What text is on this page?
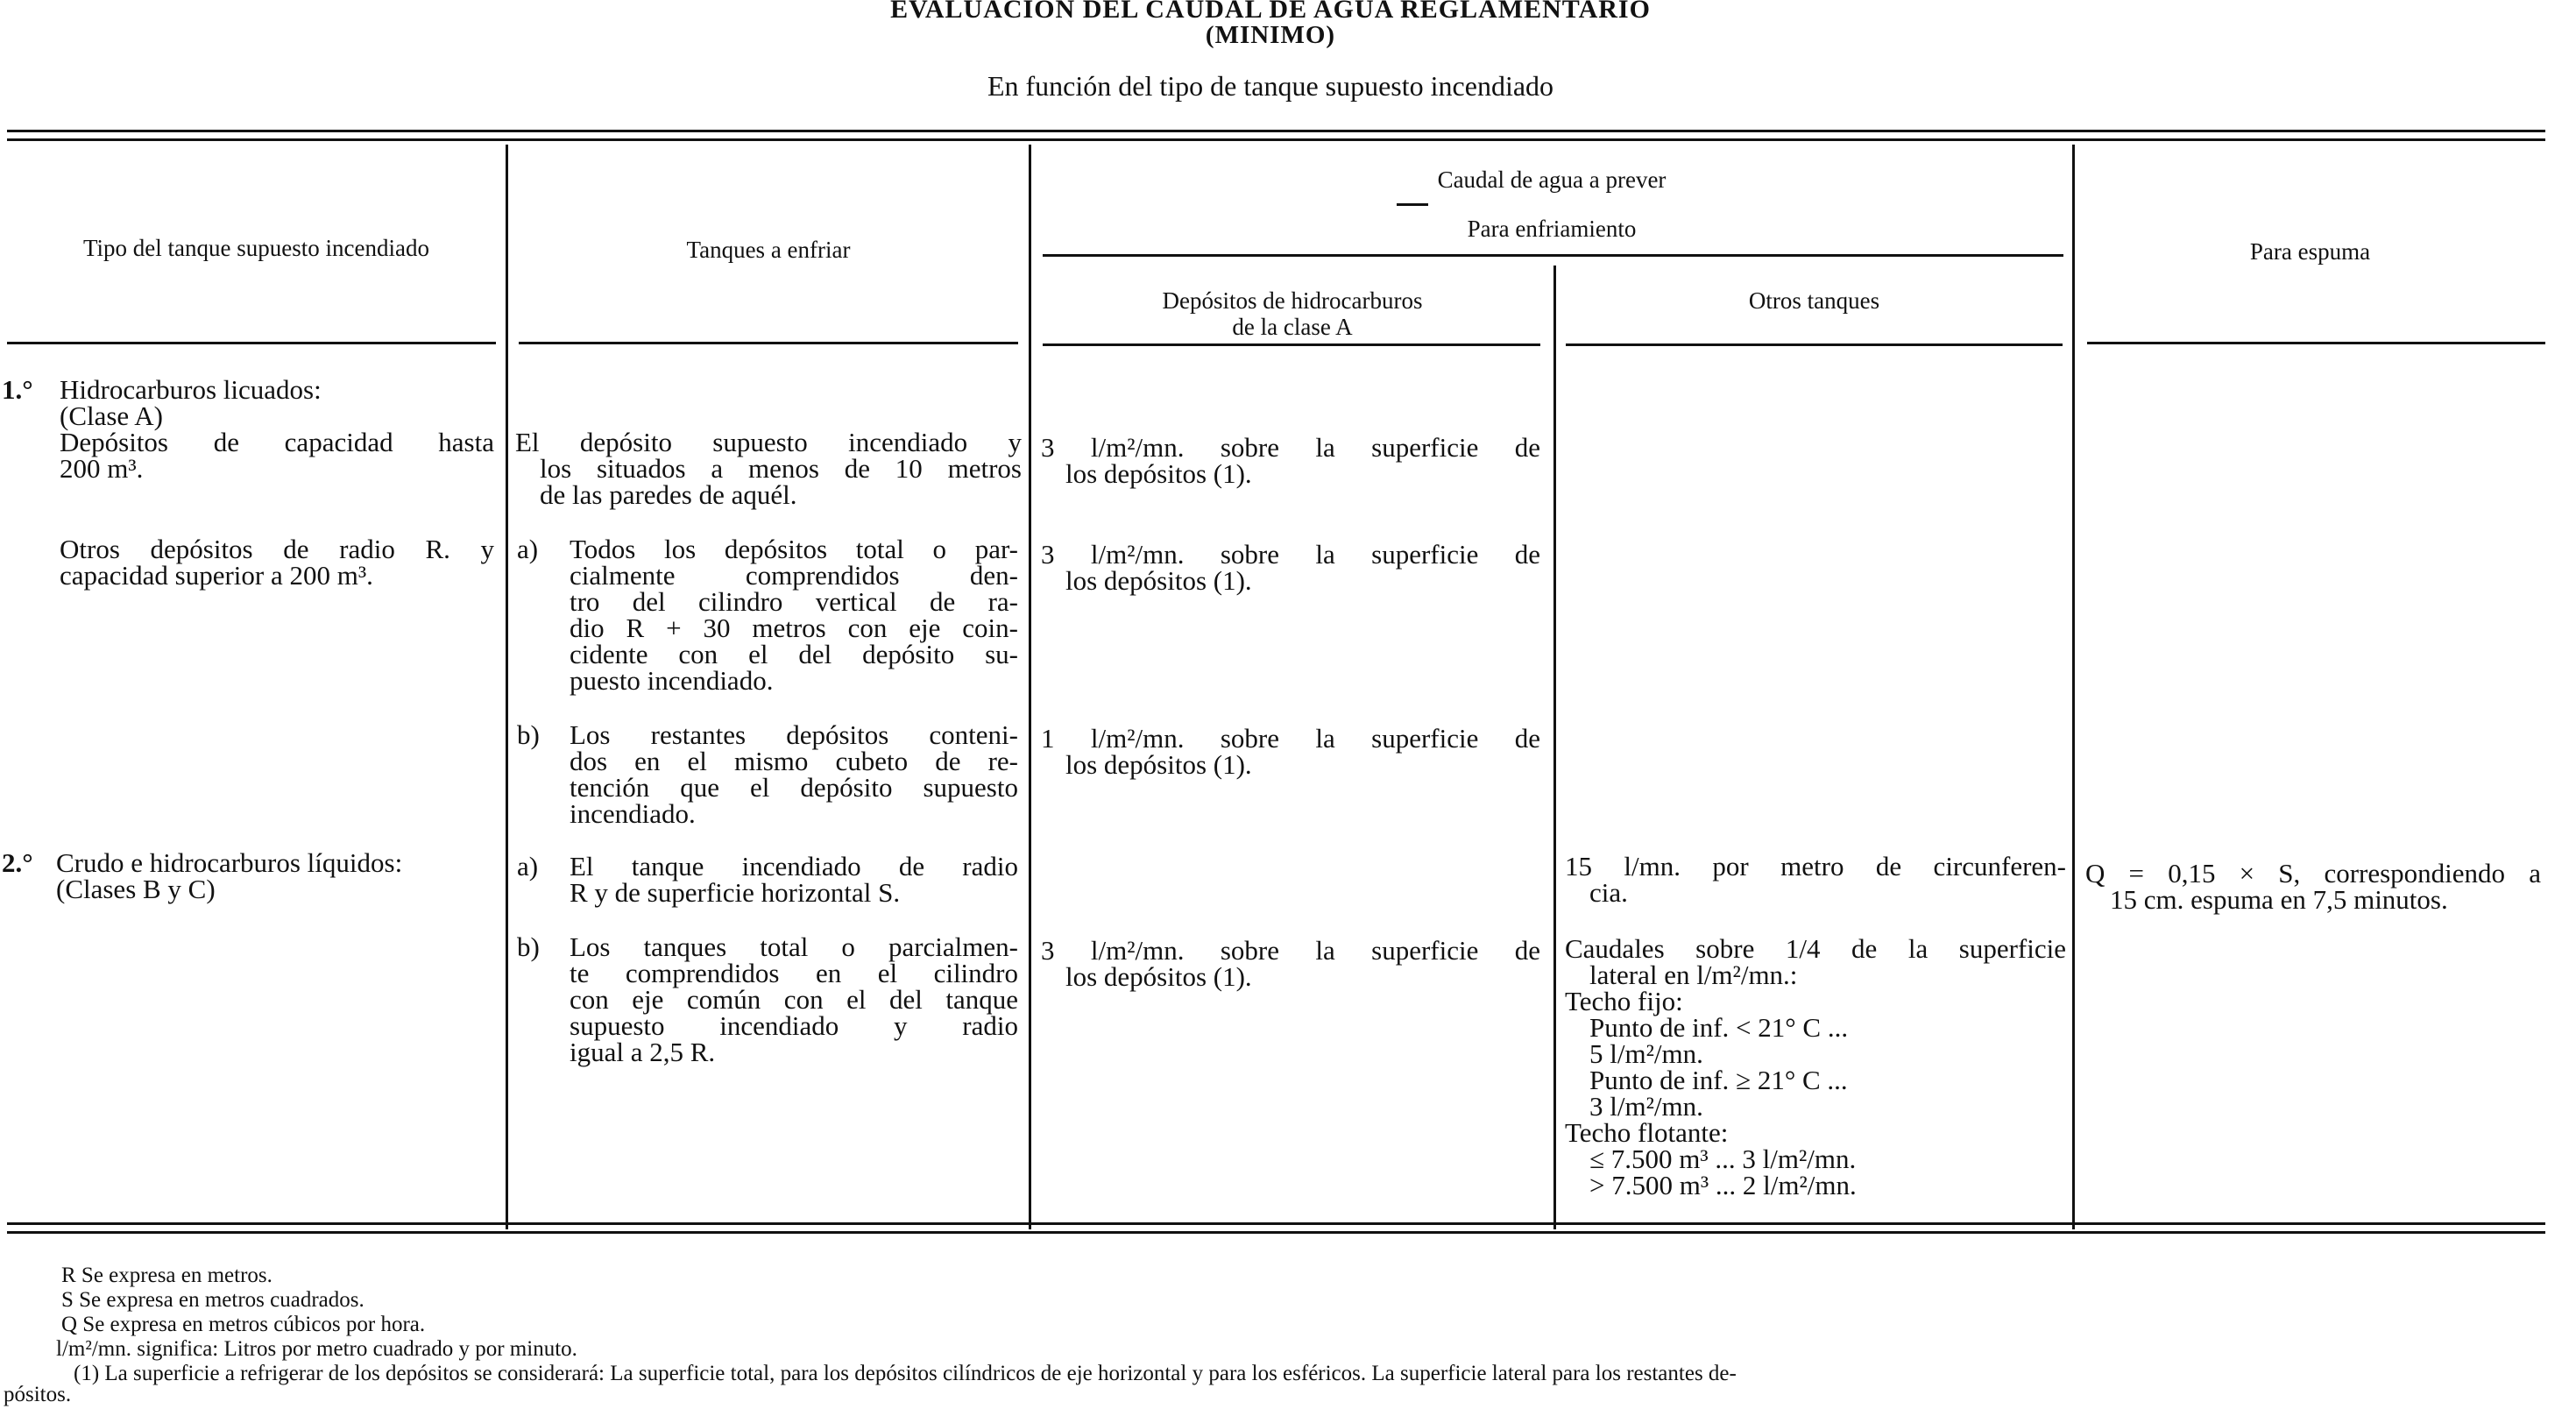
EVALUACION DEL CAUDAL DE AGUA REGLAMENTARIO
(MINIMO)
En función del tipo de tanque supuesto incendiado
Tipo del tanque supuesto incendiado	Tanques a enfriar
Caudal de agua a prever
Para enfriamiento
Depósitos de hidrocarburos
de la clase A
Otros tanques
Para espuma
1.° Hidrocarburos licuados:
(Clase A)
Depósitos de capacidad hasta
200 m³.
El depósito supuesto incendiado y
los situados a menos de 10 metros
de las paredes de aquél.
3 l/m²/mn. sobre la superficie de
los depósitos (1).
Otros depósitos de radio R. y
capacidad superior a 200 m³.
a) Todos los depósitos total o par-
cialmente comprendidos den-
tro del cilindro vertical de ra-
dio R + 30 metros con eje coin-
cidente con el del depósito su-
puesto incendiado.
3 l/m²/mn. sobre la superficie de
los depósitos (1).
b) Los restantes depósitos conteni-
dos en el mismo cubeto de re-
tención que el depósito supuesto
incendiado.
1 l/m²/mn. sobre la superficie de
los depósitos (1).
2.° Crudo e hidrocarburos líquidos:
(Clases B y C)
a) El tanque incendiado de radio
R y de superficie horizontal S.
15 l/mn. por metro de circunferen-
cia.
Q = 0,15 × S, correspondiendo a
15 cm. espuma en 7,5 minutos.
b) Los tanques total o parcialmen-
te comprendidos en el cilindro
con eje común con el del tanque
supuesto incendiado y radio
igual a 2,5 R.
3 l/m²/mn. sobre la superficie de
los depósitos (1).
Caudales sobre 1/4 de la superficie
lateral en l/m²/mn.:
Techo fijo:
Punto de inf. < 21° C ...
5 l/m²/mn.
Punto de inf. ≥ 21° C ...
3 l/m²/mn.
Techo flotante:
≤ 7.500 m³ ... 3 l/m²/mn.
> 7.500 m³ ... 2 l/m²/mn.
R Se expresa en metros.
S Se expresa en metros cuadrados.
Q Se expresa en metros cúbicos por hora.
l/m²/mn. significa: Litros por metro cuadrado y por minuto.
(1) La superficie a refrigerar de los depósitos se considerará: La superficie total, para los depósitos cilíndricos de eje horizontal y para los esféricos. La superficie lateral para los restantes de-
pósitos.
